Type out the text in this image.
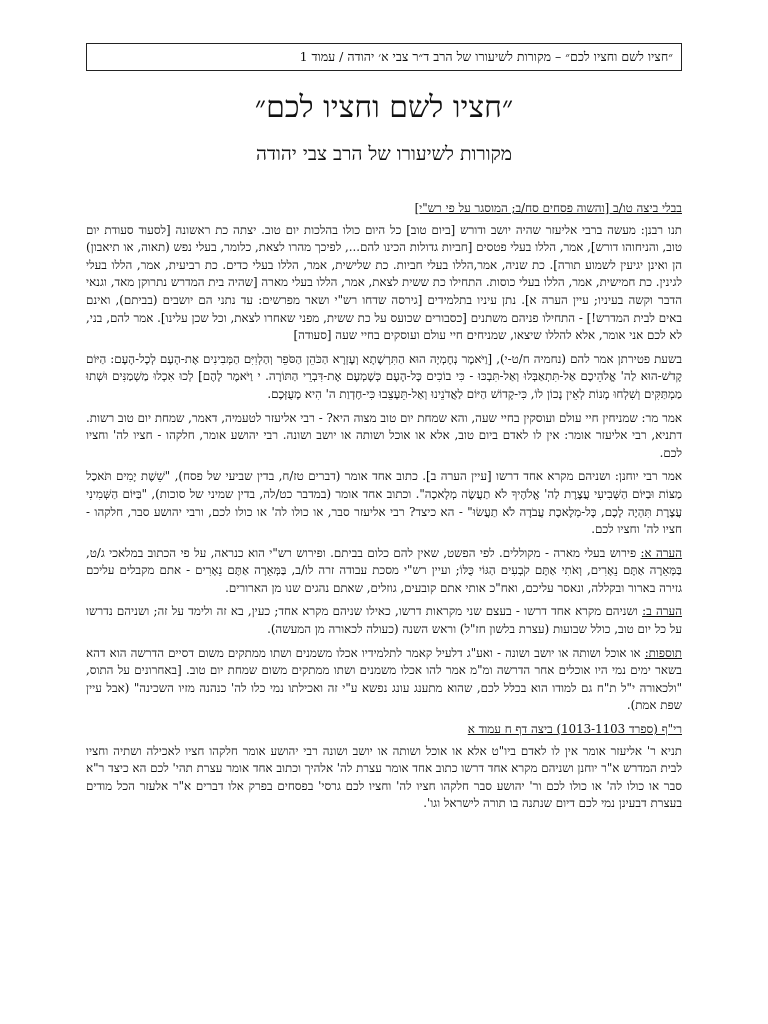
״חציו לשם וחציו לכם״ – מקורות לשיעורו של הרב ד״ר צבי א׳ יהודה / עמוד 1
״חציו לשם וחציו לכם״
מקורות לשיעורו של הרב צבי יהודה

בבלי ביצה טו/ב [והשוה פסחים סח/ב; המוסגר על פי רש"י]

תנו רבנן: מעשה ברבי אליעזר שהיה יושב ודורש [ביום טוב] כל היום כולו בהלכות יום טוב. יצתה כת ראשונה [לסעוד סעודת יום טוב, והניחוהו דורש], אמר, הללו בעלי פטסים [חביות גדולות הכינו להם..., לפיכך מהרו לצאת, כלומר, בעלי נפש (תאוה, או תיאבון) הן ואינן יגיעין לשמוע תורה]. כת שניה, אמר,הללו בעלי חביות. כת שלישית, אמר, הללו בעלי כדים. כת רביעית, אמר, הללו בעלי לגינין. כת חמישית, אמר, הללו בעלי כוסות. התחילו כת ששית לצאת, אמר, הללו בעלי מארה [שהיה בית המדרש נתרוקן מאד, וגנאי הדבר וקשה בעיניו; עיין הערה א]. נתן עיניו בתלמידים [גירסה שדחו רש"י ושאר מפרשים: עד נתני הם יושבים (בביתם), ואינם באים לבית המדרש!] - התחילו פניהם משתנים [כסבורים שכועס על כת ששית, מפני שאחרו לצאת, וכל שכן עלינו]. אמר להם, בני, לא לכם אני אומר, אלא להללו שיצאו, שמניחים חיי עולם ועוסקים בחיי שעה [סעודה]

בשעת פטירתן אמר להם (נחמיה ח/ט-י), [וַיֹּאמֶר נְחֶמְיָה הוּא הַתִּרְשָׁתָא וְעֶזְרָא הַכֹּהֵן הַסֹּפֵר וְהַלְוִיִּם הַמְּבִינִים אֶת-הָעָם לְכָל-הָעָם: הַיּוֹם קָדֹשׁ-הוּא לַה' אֱלֹהֵיכֶם אַל-תִּתְאַבְּלוּ וְאַל-תִּבְכּוּ - כִּי בוֹכִים כָּל-הָעָם כְּשָׁמְעָם אֶת-דִּבְרֵי הַתּוֹרָה. י וַיֹּאמֶר לָהֶם] לְכוּ אִכְלוּ מַשְׁמַנִּים וּשְׁתוּ מַמְתַּקִּים וְשִׁלְחוּ מָנוֹת לְאֵין נָכוֹן לוֹ, כִּי-קָדוֹשׁ הַיּוֹם לַאֲדֹנֵינוּ וְאַל-תֵּעָצֵבוּ כִּי-חֶדְוַת ה' הִיא מָעֻזְּכֶם.

אמר מר: שמניחין חיי עולם ועוסקין בחיי שעה, והא שמחת יום טוב מצוה היא? - רבי אליעזר לטעמיה, דאמר, שמחת יום טוב רשות. דתניא, רבי אליעזר אומר: אין לו לאדם ביום טוב, אלא או אוכל ושותה או יושב ושונה. רבי יהושע אומר, חלקהו - חציו לה' וחציו לכם.

אמר רבי יוחנן: ושניהם מקרא אחד דרשו [עיין הערה ב]. כתוב אחד אומר (דברים טז/ח, בדין שביעי של פסח), "שֵׁשֶׁת יָמִים תֹּאכַל מַצּוֹת וּבַיּוֹם הַשְּׁבִיעִי עֲצֶרֶת לַה' אֱלֹהֶיךָ לֹא תַעֲשֶׂה מְלָאכָה". וכתוב אחד אומר (במדבר כט/לה, בדין שמיני של סוכות), "בַּיּוֹם הַשְּׁמִינִי עֲצֶרֶת תִּהְיֶה לָכֶם, כָּל-מְלֶאכֶת עֲבֹדָה לֹא תַעֲשׂוּ" - הא כיצד? רבי אליעזר סבר, או כולו לה' או כולו לכם, ורבי יהושע סבר, חלקהו - חציו לה' וחציו לכם.

הערה א: פירוש בעלי מארה - מקוללים. לפי הפשט, שאין להם כלום בביתם. ופירוש רש"י הוא כנראה, על פי הכתוב במלאכי ג/ט, בַּמְּאֵרָה אַתֶּם נֵאָרִים, וְאֹתִי אַתֶּם קֹבְעִים הַגּוֹי כֻּלּוֹ; ועיין רש"י מסכת עבודה זרה לו/ב, בַּמְּאֵרָה אַתֶּם נֵאָרִים - אתם מקבלים עליכם גזירה בארור ובקללה, ונאסר עליכם, ואח"כ אותי אתם קובעים, גוזלים, שאתם נהגים שנו מן הארורים.

הערה ב: ושניהם מקרא אחד דרשו - בעצם שני מקראות דרשו, כאילו שניהם מקרא אחד; כעין, בא זה ולימד על זה; ושניהם נדרשו על כל יום טוב, כולל שבועות (עצרת בלשון חז"ל) וראש השנה (כעולה לכאורה מן המעשה).

תוספות: או אוכל ושותה או יושב ושונה - ואע"ג דלעיל קאמר לתלמידיו אכלו משמנים ושתו ממתקים משום דסיים הדרשה הוא דהא בשאר ימים נמי היו אוכלים אחר הדרשה ומ"מ אמר להו אכלו משמנים ושתו ממתקים משום שמחת יום טוב. [באחרונים על התוס, "ולכאורה י"ל ת"ח גם למודו הוא בכלל לכם, שהוא מתענג עונג נפשא ע"י זה ואכילתו נמי כלו לה' כנהנה מזיו השכינה" (אבל עיין שפת אמת).

רי"ף (ספרד 1013-1103) ביצה דף ח עמוד א

תניא ר' אליעזר אומר אין לו לאדם ביו"ט אלא או אוכל ושותה או יושב ושונה רבי יהושע אומר חלקהו חציו לאכילה ושתיה וחציו לבית המדרש א"ר יוחנן ושניהם מקרא אחד דרשו כתוב אחד אומר עצרת לה' אלהיך וכתוב אחד אומר עצרת תהי' לכם הא כיצד ר"א סבר או כולו לה' או כולו לכם ור' יהושע סבר חלקהו חציו לה' וחציו לכם גרסי' בפסחים בפרק אלו דברים א"ר אלעזר הכל מודים בעצרת דבעינן נמי לכם דיום שנתנה בו תורה לישראל וגו'.
